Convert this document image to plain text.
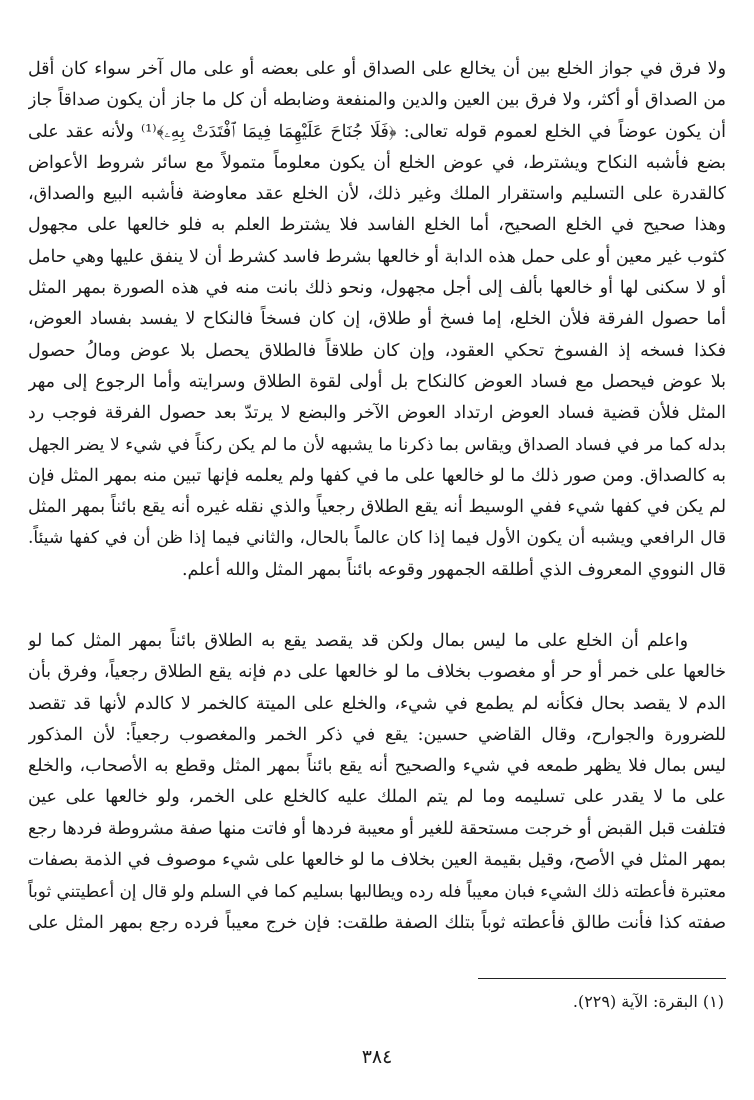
ولا فرق في جواز الخلع بين أن يخالع على الصداق أو على بعضه أو على مال آخر سواء كان أقل
من الصداق أو أكثر، ولا فرق بين العين والدين والمنفعة وضابطه أن كل ما جاز أن يكون صداقاً جاز
أن يكون عوضاً في الخلع لعموم قوله تعالى: ﴿فَلَا جُنَاحَ عَلَيْهِمَا فِيمَا ٱفْتَدَتْ بِهِۦ﴾⁽¹⁾ ولأنه عقد على
بضع فأشبه النكاح ويشترط، في عوض الخلع أن يكون معلوماً متمولاً مع سائر شروط الأعواض
كالقدرة على التسليم واستقرار الملك وغير ذلك، لأن الخلع عقد معاوضة فأشبه البيع والصداق،
وهذا صحيح في الخلع الصحيح، أما الخلع الفاسد فلا يشترط العلم به فلو خالعها على مجهول
كثوب غير معين أو على حمل هذه الدابة أو خالعها بشرط فاسد كشرط أن لا ينفق عليها وهي حامل
أو لا سكنى لها أو خالعها بألف إلى أجل مجهول، ونحو ذلك بانت منه في هذه الصورة بمهر المثل
أما حصول الفرقة فلأن الخلع، إما فسخ أو طلاق، إن كان فسخاً فالنكاح لا يفسد بفساد العوض،
فكذا فسخه إذ الفسوخ تحكي العقود، وإن كان طلاقاً فالطلاق يحصل بلا عوض ومالُ حصول
بلا عوض فيحصل مع فساد العوض كالنكاح بل أولى لقوة الطلاق وسرايته وأما الرجوع إلى مهر
المثل فلأن قضية فساد العوض ارتداد العوض الآخر والبضع لا يرتدّ بعد حصول الفرقة فوجب رد
بدله كما مر في فساد الصداق ويقاس بما ذكرنا ما يشبهه لأن ما لم يكن ركناً في شيء لا يضر الجهل
به كالصداق. ومن صور ذلك ما لو خالعها على ما في كفها ولم يعلمه فإنها تبين منه بمهر المثل فإن
لم يكن في كفها شيء ففي الوسيط أنه يقع الطلاق رجعياً والذي نقله غيره أنه يقع بائناً بمهر المثل
قال الرافعي ويشبه أن يكون الأول فيما إذا كان عالماً بالحال، والثاني فيما إذا ظن أن في كفها شيئاً.
قال النووي المعروف الذي أطلقه الجمهور وقوعه بائناً بمهر المثل والله أعلم.
واعلم أن الخلع على ما ليس بمال ولكن قد يقصد يقع به الطلاق بائناً بمهر المثل كما لو
خالعها على خمر أو حر أو مغصوب بخلاف ما لو خالعها على دم فإنه يقع الطلاق رجعياً، وفرق بأن
الدم لا يقصد بحال فكأنه لم يطمع في شيء، والخلع على الميتة كالخمر لا كالدم لأنها قد تقصد
للضرورة والجوارح، وقال القاضي حسين: يقع في ذكر الخمر والمغصوب رجعياً: لأن المذكور
ليس بمال فلا يظهر طمعه في شيء والصحيح أنه يقع بائناً بمهر المثل وقطع به الأصحاب، والخلع
على ما لا يقدر على تسليمه وما لم يتم الملك عليه كالخلع على الخمر، ولو خالعها على عين
فتلفت قبل القبض أو خرجت مستحقة للغير أو معيبة فردها أو فاتت منها صفة مشروطة فردها رجع
بمهر المثل في الأصح، وقيل بقيمة العين بخلاف ما لو خالعها على شيء موصوف في الذمة بصفات
معتبرة فأعطته ذلك الشيء فبان معيباً فله رده ويطالبها بسليم كما في السلم ولو قال إن أعطيتني ثوباً
صفته كذا فأنت طالق فأعطته ثوباً بتلك الصفة طلقت: فإن خرج معيباً فرده رجع بمهر المثل على
(١) البقرة: الآية (٢٢٩).
٣٨٤
